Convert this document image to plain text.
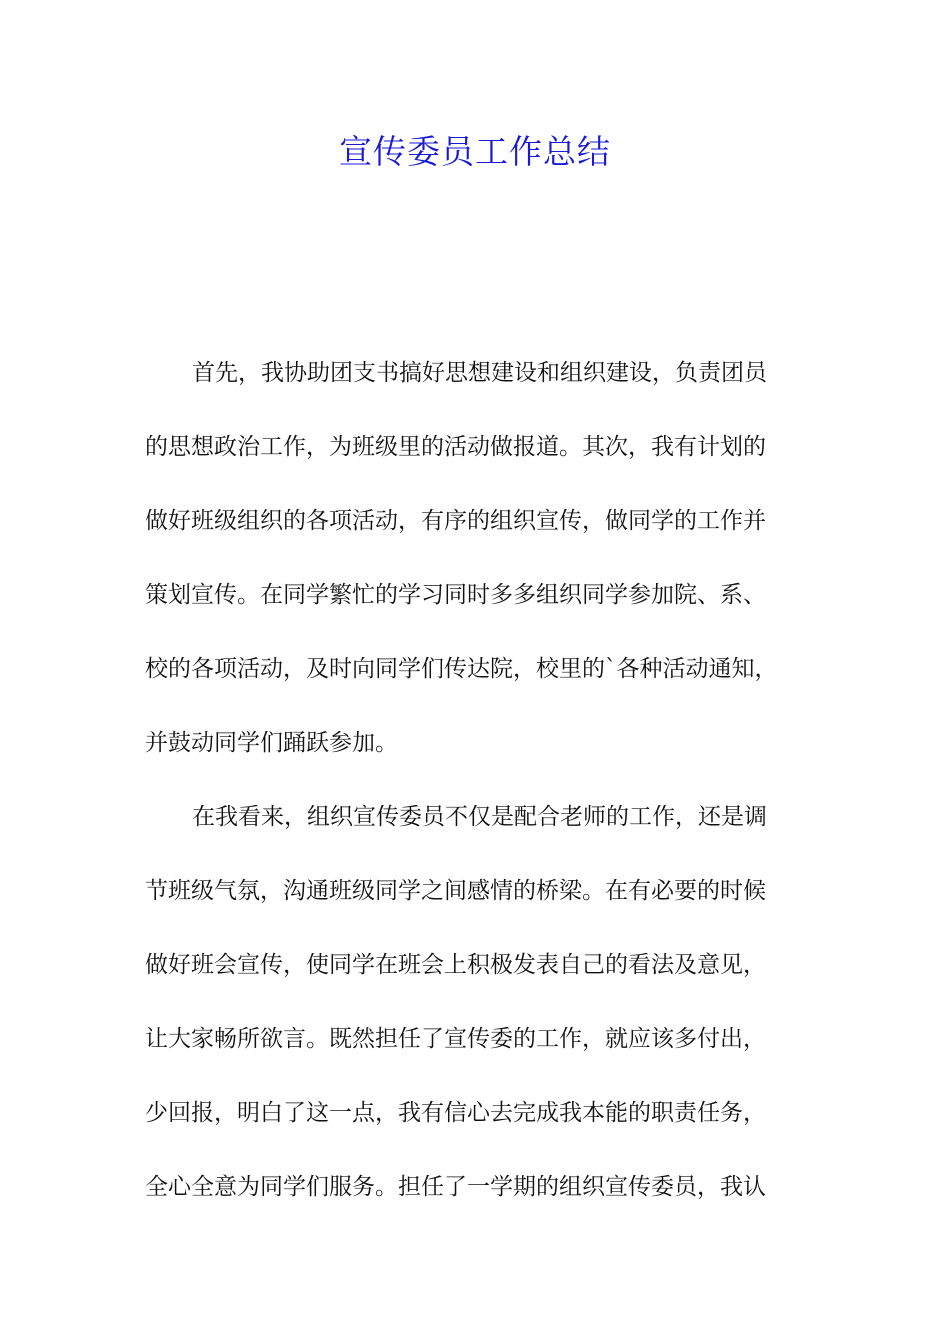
宣传委员工作总结
首先，我协助团支书搞好思想建设和组织建设，负责团员
的思想政治工作，为班级里的活动做报道。其次，我有计划的
做好班级组织的各项活动，有序的组织宣传，做同学的工作并
策划宣传。在同学繁忙的学习同时多多组织同学参加院、系、
校的各项活动，及时向同学们传达院，校里的`各种活动通知，
并鼓动同学们踊跃参加。
在我看来，组织宣传委员不仅是配合老师的工作，还是调
节班级气氛，沟通班级同学之间感情的桥梁。在有必要的时候
做好班会宣传，使同学在班会上积极发表自己的看法及意见，
让大家畅所欲言。既然担任了宣传委的工作，就应该多付出，
少回报，明白了这一点，我有信心去完成我本能的职责任务，
全心全意为同学们服务。担任了一学期的组织宣传委员，我认
